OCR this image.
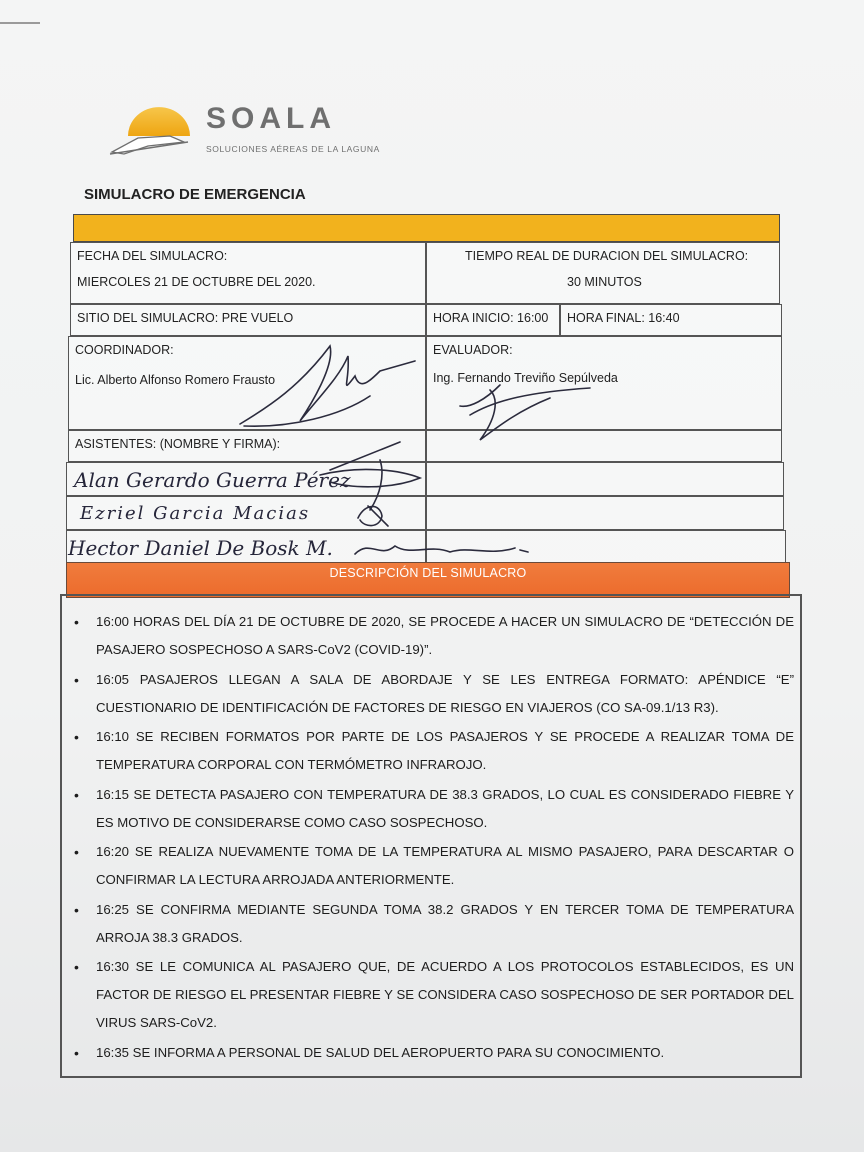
SOALA
SOLUCIONES AÉREAS DE LA LAGUNA
SIMULACRO DE EMERGENCIA
FECHA DEL SIMULACRO:
MIERCOLES 21 DE OCTUBRE DEL 2020.
TIEMPO REAL DE DURACION DEL SIMULACRO:
30 MINUTOS
SITIO DEL SIMULACRO: PRE VUELO	HORA INICIO: 16:00 HORA FINAL: 16:40
COORDINADOR:
Lic. Alberto Alfonso Romero Frausto
EVALUADOR:
Ing. Fernando Treviño Sepúlveda
ASISTENTES: (NOMBRE Y FIRMA):
Alan Gerardo Guerra Pérez
Ezriel Garcia Macias
Hector Daniel De Bosk M.
DESCRIPCIÓN DEL SIMULACRO
• 16:00 HORAS DEL DÍA 21 DE OCTUBRE DE 2020, SE PROCEDE A HACER UN SIMULACRO DE “DETECCIÓN DE PASAJERO SOSPECHOSO A SARS-CoV2 (COVID-19)”.
• 16:05 PASAJEROS LLEGAN A SALA DE ABORDAJE Y SE LES ENTREGA FORMATO: APÉNDICE “E” CUESTIONARIO DE IDENTIFICACIÓN DE FACTORES DE RIESGO EN VIAJEROS (CO SA-09.1/13 R3).
• 16:10 SE RECIBEN FORMATOS POR PARTE DE LOS PASAJEROS Y SE PROCEDE A REALIZAR TOMA DE TEMPERATURA CORPORAL CON TERMÓMETRO INFRAROJO.
• 16:15 SE DETECTA PASAJERO CON TEMPERATURA DE 38.3 GRADOS, LO CUAL ES CONSIDERADO FIEBRE Y ES MOTIVO DE CONSIDERARSE COMO CASO SOSPECHOSO.
• 16:20 SE REALIZA NUEVAMENTE TOMA DE LA TEMPERATURA AL MISMO PASAJERO, PARA DESCARTAR O CONFIRMAR LA LECTURA ARROJADA ANTERIORMENTE.
• 16:25 SE CONFIRMA MEDIANTE SEGUNDA TOMA 38.2 GRADOS Y EN TERCER TOMA DE TEMPERATURA ARROJA 38.3 GRADOS.
• 16:30 SE LE COMUNICA AL PASAJERO QUE, DE ACUERDO A LOS PROTOCOLOS ESTABLECIDOS, ES UN FACTOR DE RIESGO EL PRESENTAR FIEBRE Y SE CONSIDERA CASO SOSPECHOSO DE SER PORTADOR DEL VIRUS SARS-CoV2.
• 16:35 SE INFORMA A PERSONAL DE SALUD DEL AEROPUERTO PARA SU CONOCIMIENTO.
